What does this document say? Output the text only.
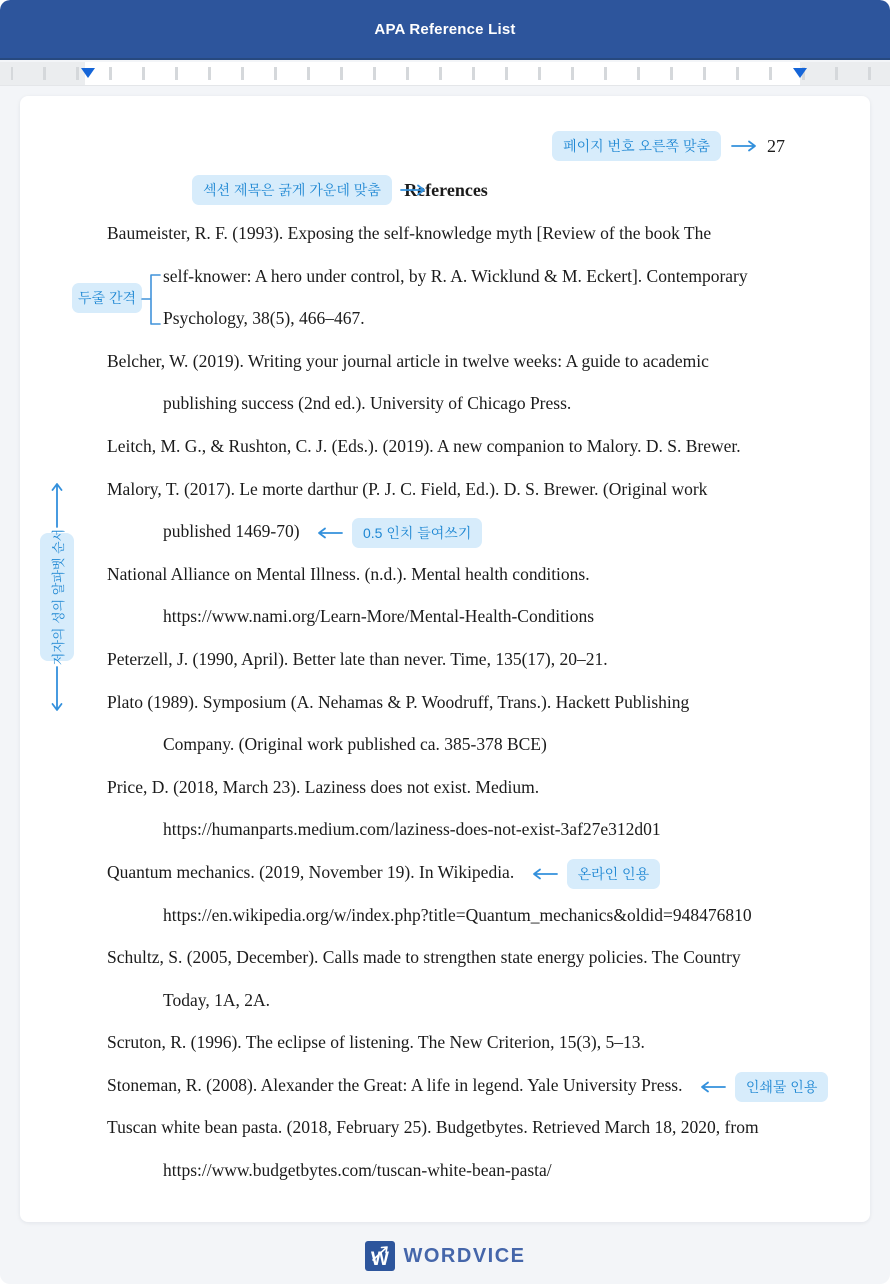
APA Reference List
페이지 번호 오른쪽 맞춤	27
섹션 제목은 굵게 가운데 맞춤	References
Baumeister, R. F. (1993). Exposing the self-knowledge myth [Review of the book The
self-knower: A hero under control, by R. A. Wicklund & M. Eckert]. Contemporary
Psychology, 38(5), 466–467.
Belcher, W. (2019). Writing your journal article in twelve weeks: A guide to academic
publishing success (2nd ed.). University of Chicago Press.
Leitch, M. G., & Rushton, C. J. (Eds.). (2019). A new companion to Malory. D. S. Brewer.
Malory, T. (2017). Le morte darthur (P. J. C. Field, Ed.). D. S. Brewer. (Original work
published 1469-70)	0.5 인치 들여쓰기
National Alliance on Mental Illness. (n.d.). Mental health conditions.
https://www.nami.org/Learn-More/Mental-Health-Conditions
Peterzell, J. (1990, April). Better late than never. Time, 135(17), 20–21.
Plato (1989). Symposium (A. Nehamas & P. Woodruff, Trans.). Hackett Publishing
Company. (Original work published ca. 385-378 BCE)
Price, D. (2018, March 23). Laziness does not exist. Medium.
https://humanparts.medium.com/laziness-does-not-exist-3af27e312d01
Quantum mechanics. (2019, November 19). In Wikipedia.	온라인 인용
https://en.wikipedia.org/w/index.php?title=Quantum_mechanics&oldid=948476810
Schultz, S. (2005, December). Calls made to strengthen state energy policies. The Country
Today, 1A, 2A.
Scruton, R. (1996). The eclipse of listening. The New Criterion, 15(3), 5–13.
Stoneman, R. (2008). Alexander the Great: A life in legend. Yale University Press.	인쇄물 인용
Tuscan white bean pasta. (2018, February 25). Budgetbytes. Retrieved March 18, 2020, from
https://www.budgetbytes.com/tuscan-white-bean-pasta/
두줄 간격
저자의 성의 알파벳 순서
W WORDVICE
